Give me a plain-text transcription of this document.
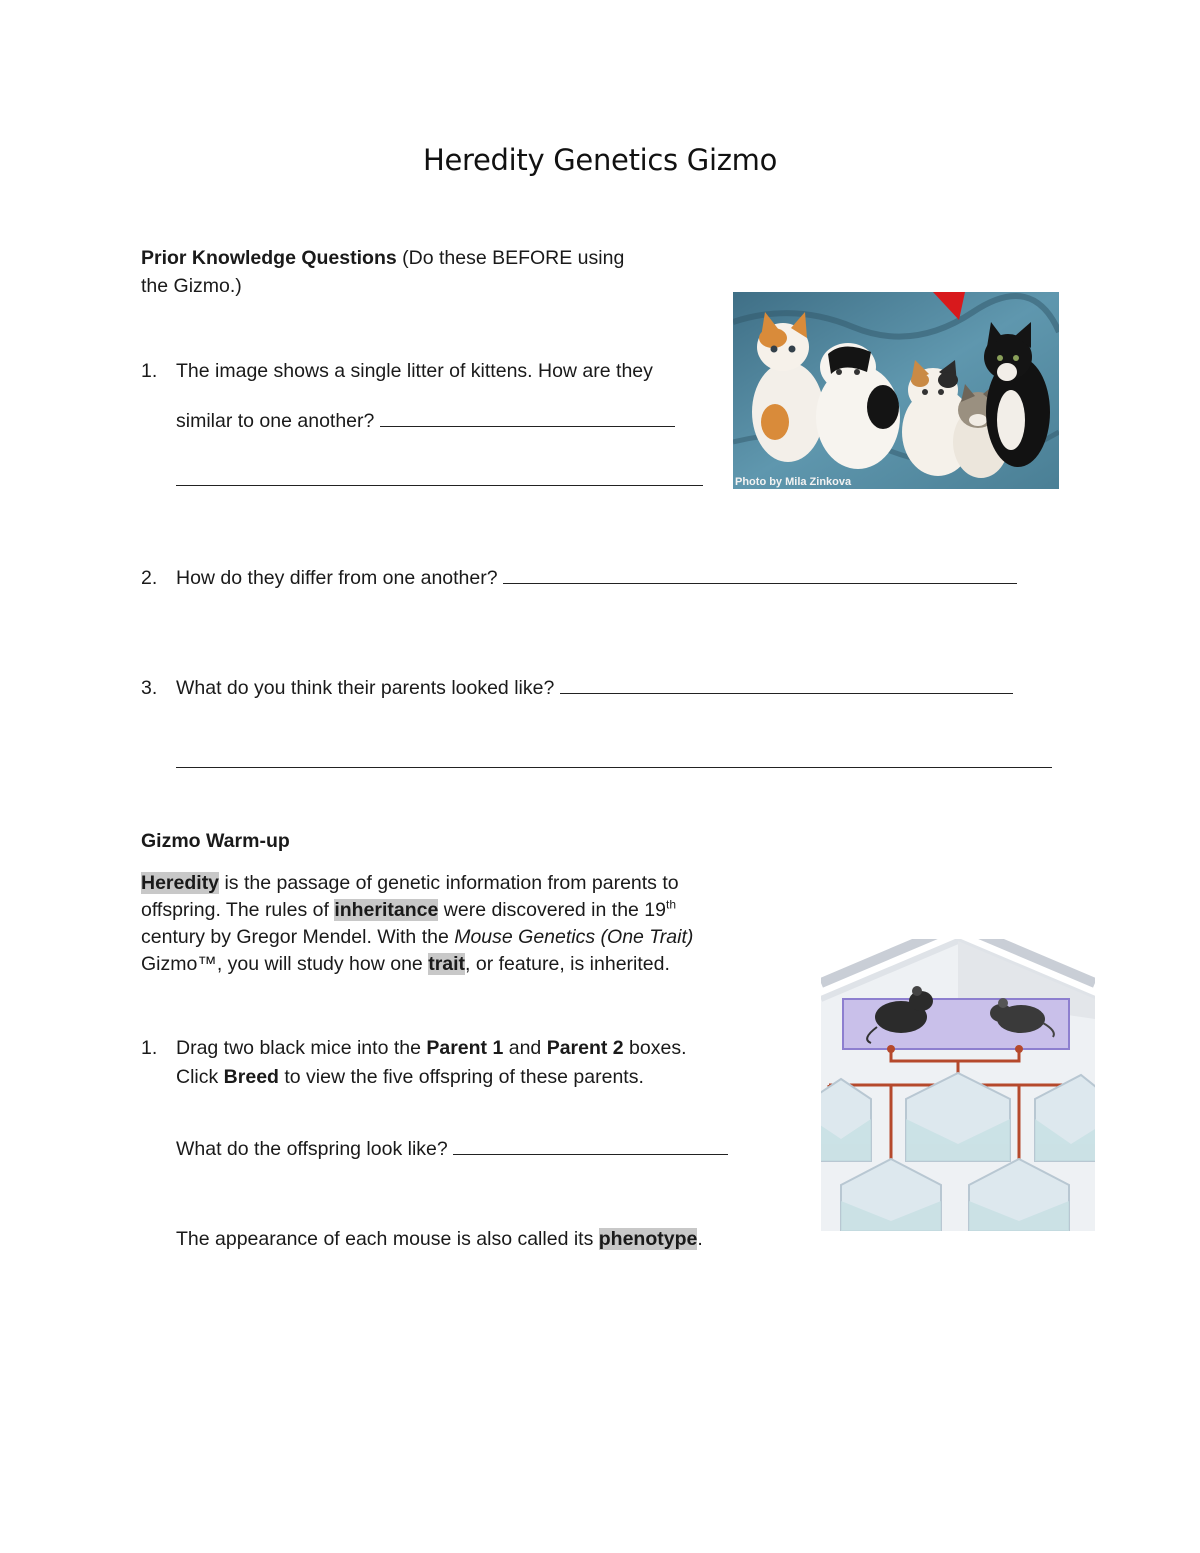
Heredity Genetics Gizmo
Prior Knowledge Questions (Do these BEFORE using
the Gizmo.)
1. The image shows a single litter of kittens. How are they
similar to one another?
Photo by Mila Zinkova
2. How do they differ from one another?
3. What do you think their parents looked like?
Gizmo Warm-up
Heredity is the passage of genetic information from parents to
offspring. The rules of inheritance were discovered in the 19th
century by Gregor Mendel. With the Mouse Genetics (One Trait)
Gizmo™, you will study how one trait, or feature, is inherited.
1. Drag two black mice into the Parent 1 and Parent 2 boxes.
Click Breed to view the five offspring of these parents.
What do the offspring look like?
The appearance of each mouse is also called its phenotype.
